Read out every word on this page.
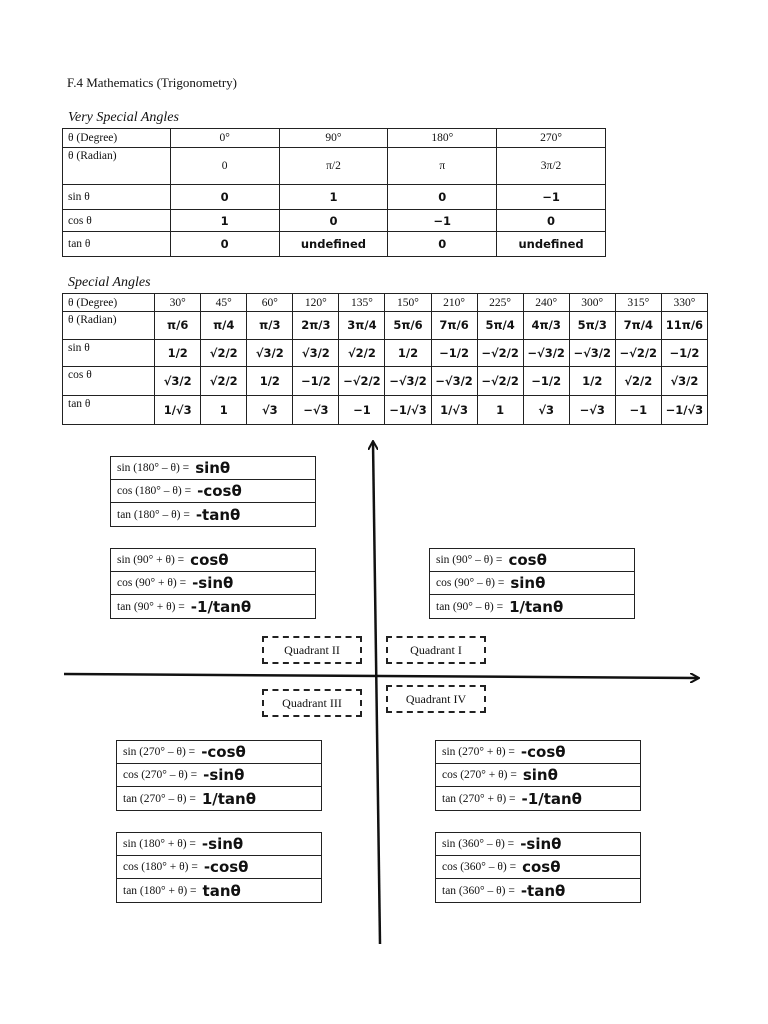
F.4 Mathematics (Trigonometry)
Very Special Angles
θ (Degree)	0°	90°	180°	270°
θ (Radian)	0	π/2	π	3π/2
sin θ	0	1	0	−1
cos θ	1	0	−1	0
tan θ	0	undefined	0	undefined
Special Angles
θ (Degree)	30°	45°	60°	120°	135°	150°	210°	225°	240°	300°	315°	330°
θ (Radian)	π/6	π/4	π/3	2π/3	3π/4	5π/6	7π/6	5π/4	4π/3	5π/3	7π/4	11π/6
sin θ	1/2	√2/2	√3/2	√3/2	√2/2	1/2	−1/2	−√2/2	−√3/2	−√3/2	−√2/2	−1/2
cos θ	√3/2	√2/2	1/2	−1/2	−√2/2	−√3/2	−√3/2	−√2/2	−1/2	1/2	√2/2	√3/2
tan θ	1/√3	1	√3	−√3	−1	−1/√3	1/√3	1	√3	−√3	−1	−1/√3
sin (180° – θ) = sinθ
cos (180° – θ) = -cosθ
tan (180° – θ) = -tanθ
sin (90° + θ) = cosθ
cos (90° + θ) = -sinθ
tan (90° + θ) = -1/tanθ
sin (90° – θ) = cosθ
cos (90° – θ) = sinθ
tan (90° – θ) = 1/tanθ
sin (270° – θ) = -cosθ
cos (270° – θ) = -sinθ
tan (270° – θ) = 1/tanθ
sin (270° + θ) = -cosθ
cos (270° + θ) = sinθ
tan (270° + θ) = -1/tanθ
sin (180° + θ) = -sinθ
cos (180° + θ) = -cosθ
tan (180° + θ) = tanθ
sin (360° – θ) = -sinθ
cos (360° – θ) = cosθ
tan (360° – θ) = -tanθ
Quadrant II	Quadrant I
Quadrant III	Quadrant IV
